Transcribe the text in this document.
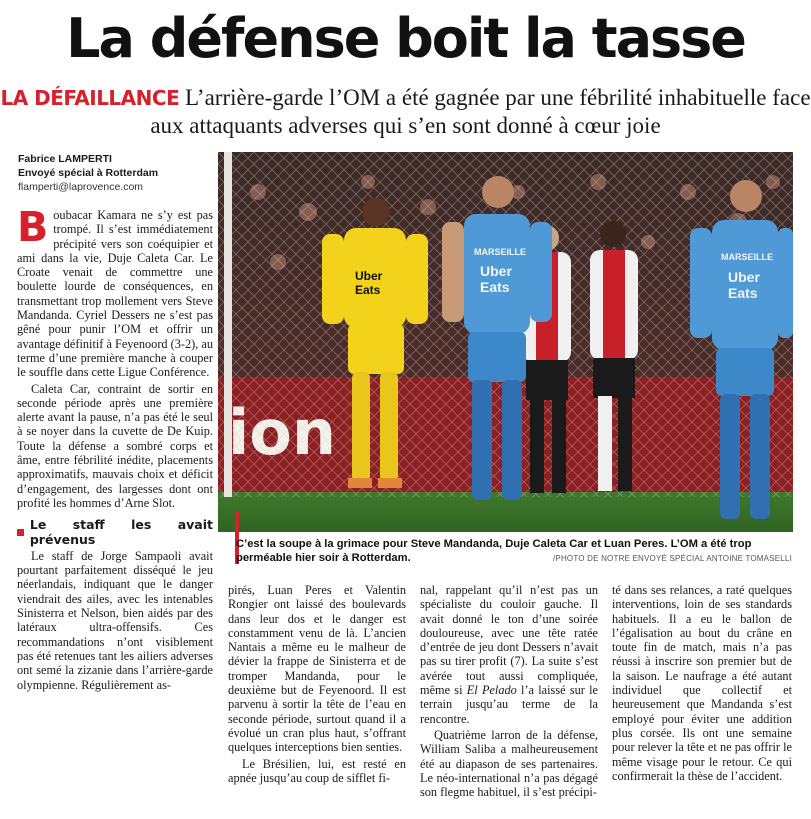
La défense boit la tasse
LA DÉFAILLANCE L’arrière-garde l’OM a été gagnée par une fébrilité inhabituelle face aux attaquants adverses qui s’en sont donné à cœur joie
Fabrice LAMPERTI
Envoyé spécial à Rotterdam
flamperti@laprovence.com
Uber
Eats
MARSEILLE
Uber
Eats
MARSEILLE
Uber
Eats
C’est la soupe à la grimace pour Steve Mandanda, Duje Caleta Car et Luan Peres. L’OM a été trop perméable hier soir à Rotterdam.	/PHOTO DE NOTRE ENVOYÉ SPÉCIAL ANTOINE TOMASELLI

Boubacar Kamara ne s’y est pas trompé. Il s’est immédiatement précipité vers son coéquipier et ami dans la vie, Duje Caleta Car. Le Croate venait de commettre une boulette lourde de conséquences, en transmettant trop mollement vers Steve Mandanda. Cyriel Dessers ne s’est pas gêné pour punir l’OM et offrir un avantage définitif à Feyenoord (3-2), au terme d’une première manche à couper le souffle dans cette Ligue Conférence.

Caleta Car, contraint de sortir en seconde période après une première alerte avant la pause, n’a pas été le seul à se noyer dans la cuvette de De Kuip. Toute la défense a sombré corps et âme, entre fébrilité inédite, placements approximatifs, mauvais choix et déficit d’engagement, des largesses dont ont profité les hommes d’Arne Slot.

Le staff les avait prévenus

Le staff de Jorge Sampaoli avait pourtant parfaitement disséqué le jeu néerlandais, indiquant que le danger viendrait des ailes, avec les intenables Sinisterra et Nelson, bien aidés par des latéraux ultra-offensifs. Ces recommandations n’ont visiblement pas été retenues tant les ailiers adverses ont semé la zizanie dans l’arrière-garde olympienne. Régulièrement as-

pirés, Luan Peres et Valentin Rongier ont laissé des boulevards dans leur dos et le danger est constamment venu de là. L’ancien Nantais a même eu le malheur de dévier la frappe de Sinisterra et de tromper Mandanda, pour le deuxième but de Feyenoord. Il est parvenu à sortir la tête de l’eau en seconde période, surtout quand il a évolué un cran plus haut, s’offrant quelques interceptions bien senties.

Le Brésilien, lui, est resté en apnée jusqu’au coup de sifflet fi-

nal, rappelant qu’il n’est pas un spécialiste du couloir gauche. Il avait donné le ton d’une soirée douloureuse, avec une tête ratée d’entrée de jeu dont Dessers n’avait pas su tirer profit (7). La suite s’est avérée tout aussi compliquée, même si El Pelado l’a laissé sur le terrain jusqu’au terme de la rencontre.

Quatrième larron de la défense, William Saliba a malheureusement été au diapason de ses partenaires. Le néo-international n’a pas dégagé son flegme habituel, il s’est précipi-

té dans ses relances, a raté quelques interventions, loin de ses standards habituels. Il a eu le ballon de l’égalisation au bout du crâne en toute fin de match, mais n’a pas réussi à inscrire son premier but de la saison. Le naufrage a été autant individuel que collectif et heureusement que Mandanda s’est employé pour éviter une addition plus corsée. Ils ont une semaine pour relever la tête et ne pas offrir le même visage pour le retour. Ce qui confirmerait la thèse de l’accident.
